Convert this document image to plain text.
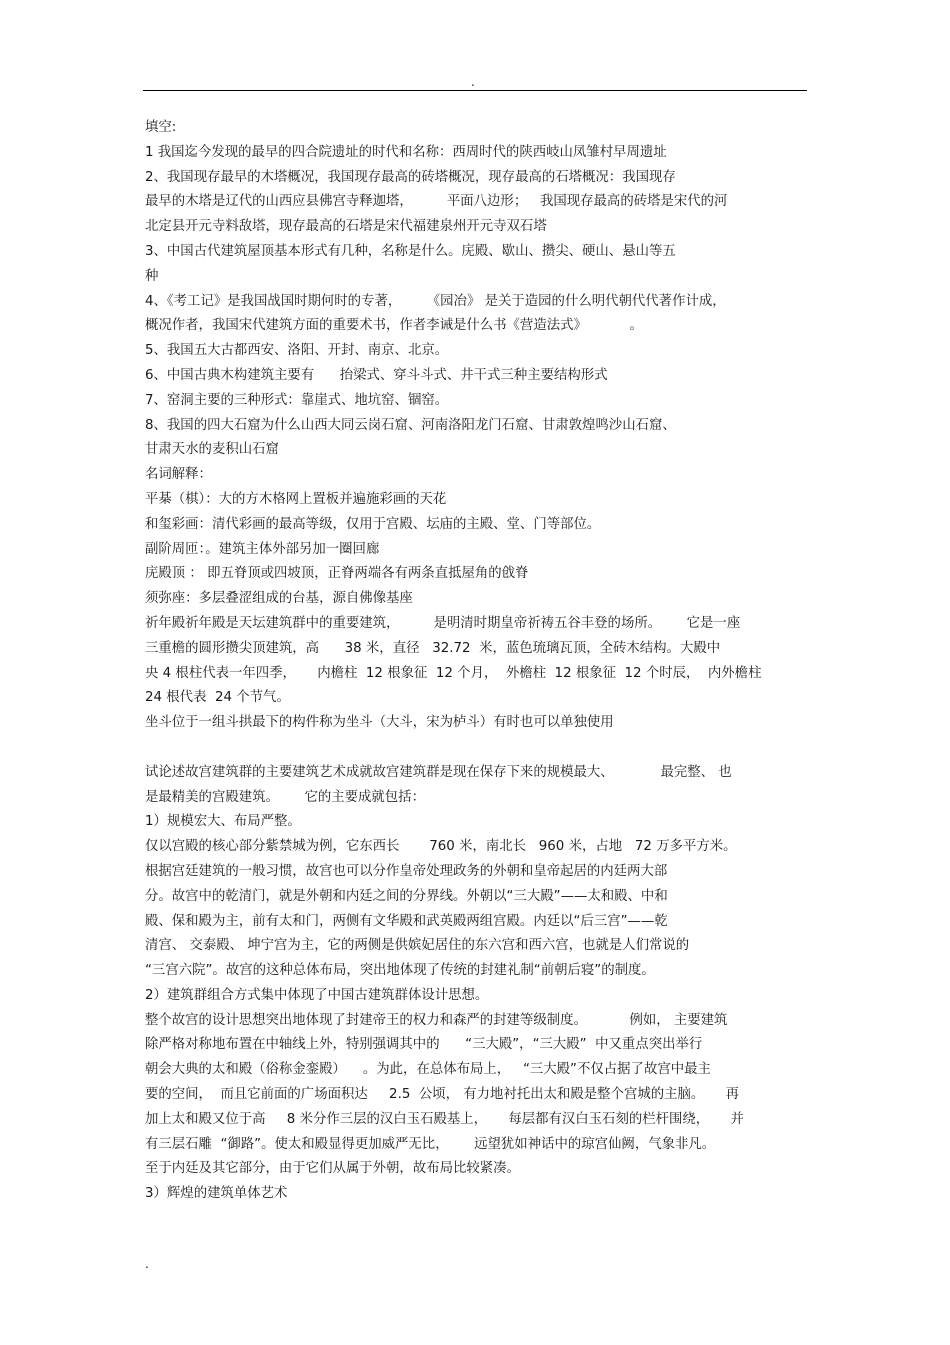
.
填空:
1 我国迄今发现的最早的四合院遗址的时代和名称：西周时代的陕西岐山凤雏村早周遗址
2、我国现存最早的木塔概况，我国现存最高的砖塔概况，现存最高的石塔概况：我国现存
最早的木塔是辽代的山西应县佛宫寺释迦塔，        平面八边形；   我国现存最高的砖塔是宋代的河
北定县开元寺料敌塔，现存最高的石塔是宋代福建泉州开元寺双石塔
3、中国古代建筑屋顶基本形式有几种，名称是什么。庑殿、歇山、攒尖、硬山、悬山等五
种
4、《考工记》是我国战国时期何时的专著，      《园冶》 是关于造园的什么明代朝代代著作计成，
概况作者，我国宋代建筑方面的重要术书，作者李诫是什么书《营造法式》          。
5、我国五大古都西安、洛阳、开封、南京、北京。
6、中国古典木构建筑主要有      抬梁式、穿斗斗式、井干式三种主要结构形式
7、窑洞主要的三种形式：靠崖式、地坑窑、锢窑。
8、我国的四大石窟为什么山西大同云岗石窟、河南洛阳龙门石窟、甘肃敦煌鸣沙山石窟、
甘肃天水的麦积山石窟
名词解释：
平棊（棋）：大的方木格网上置板并遍施彩画的天花
和玺彩画：清代彩画的最高等级，仅用于宫殿、坛庙的主殿、堂、门等部位。
副阶周匝：。建筑主体外部另加一圈回廊
庑殿顶 ： 即五脊顶或四坡顶，正脊两端各有两条直抵屋角的戗脊
须弥座：多层叠涩组成的台基，源自佛像基座
祈年殿祈年殿是天坛建筑群中的重要建筑，        是明清时期皇帝祈祷五谷丰登的场所。      它是一座
三重檐的圆形攒尖顶建筑，高      38 米，直径   32.72  米，蓝色琉璃瓦顶，全砖木结构。大殿中
央 4 根柱代表一年四季，     内檐柱  12 根象征  12 个月，  外檐柱  12 根象征  12 个时辰，  内外檐柱
24 根代表  24 个节气。
坐斗位于一组斗拱最下的构件称为坐斗（大斗，宋为栌斗）有时也可以单独使用
试论述故宫建筑群的主要建筑艺术成就故宫建筑群是现在保存下来的规模最大、           最完整、 也
是最精美的宫殿建筑。      它的主要成就包括：
1）规模宏大、布局严整。
仅以宫殿的核心部分紫禁城为例，它东西长       760 米，南北长   960 米，占地   72 万多平方米。
根据宫廷建筑的一般习惯，故宫也可以分作皇帝处理政务的外朝和皇帝起居的内廷两大部
分。故宫中的乾清门，就是外朝和内廷之间的分界线。外朝以“三大殿”——太和殿、中和
殿、保和殿为主，前有太和门，两侧有文华殿和武英殿两组宫殿。内廷以“后三宫”——乾
清宫、 交泰殿、 坤宁宫为主，它的两侧是供嫔妃居住的东六宫和西六宫，也就是人们常说的
“三宫六院”。故宫的这种总体布局，突出地体现了传统的封建礼制“前朝后寝”的制度。
2）建筑群组合方式集中体现了中国古建筑群体设计思想。
整个故宫的设计思想突出地体现了封建帝王的权力和森严的封建等级制度。          例如， 主要建筑
除严格对称地布置在中轴线上外，特别强调其中的      “三大殿”，“三大殿”  中又重点突出举行
朝会大典的太和殿（俗称金銮殿）    。为此，在总体布局上，   “三大殿”不仅占据了故宫中最主
要的空间，  而且它前面的广场面积达     2.5  公顷， 有力地衬托出太和殿是整个宫城的主脑。     再
加上太和殿又位于高     8 米分作三层的汉白玉石殿基上，     每层都有汉白玉石刻的栏杆围绕，     并
有三层石雕  “御路”。使太和殿显得更加威严无比，      远望犹如神话中的琼宫仙阙，气象非凡。
至于内廷及其它部分，由于它们从属于外朝，故布局比较紧凑。
3）辉煌的建筑单体艺术
.
